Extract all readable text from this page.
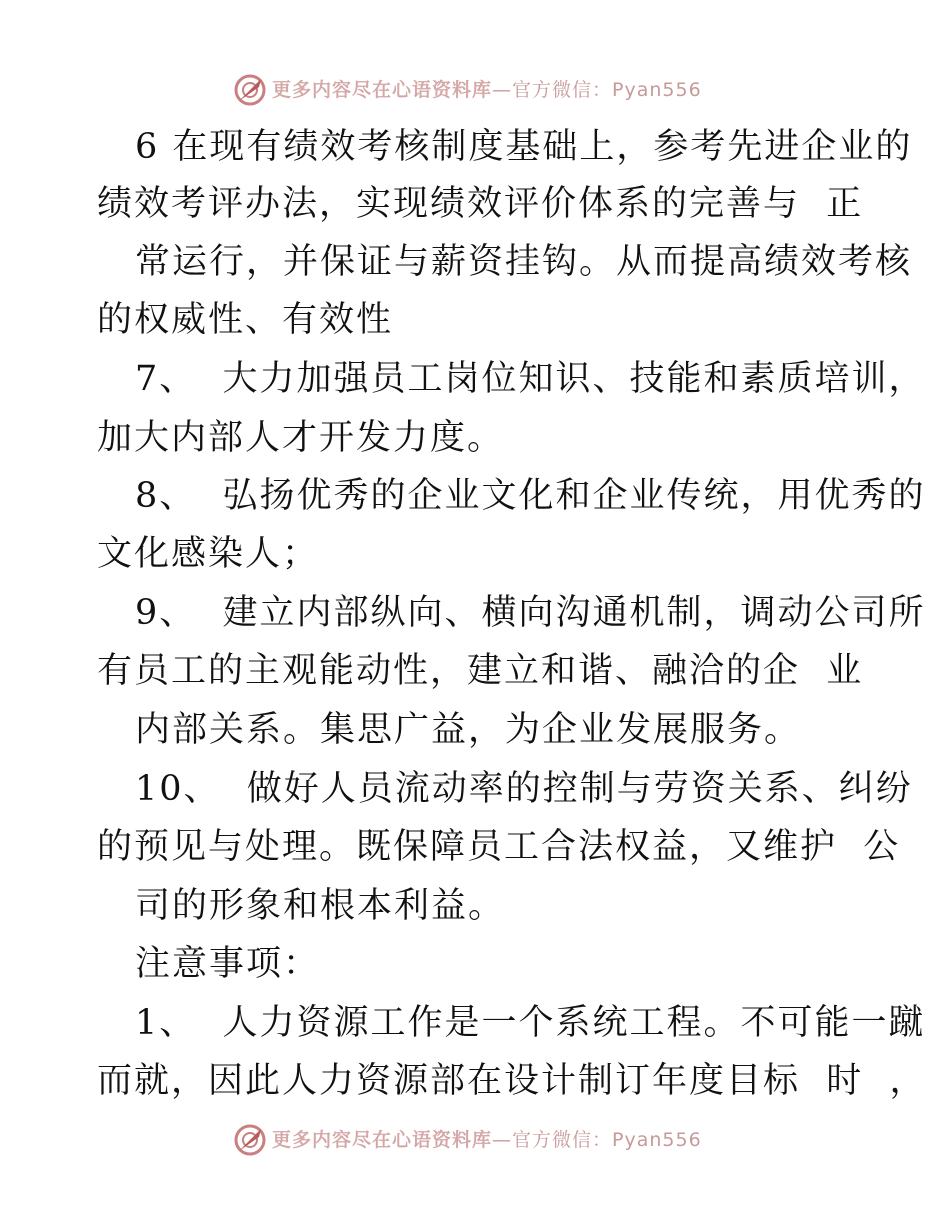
更多内容尽在心语资料库—官方微信：Pyan556

6 在现有绩效考核制度基础上，参考先进企业的

绩效考评办法，实现绩效评价体系的完善与  正

常运行，并保证与薪资挂钩。从而提高绩效考核

的权威性、有效性

7、  大力加强员工岗位知识、技能和素质培训，

加大内部人才开发力度。

8、  弘扬优秀的企业文化和企业传统，用优秀的

文化感染人；

9、  建立内部纵向、横向沟通机制，调动公司所

有员工的主观能动性，建立和谐、融洽的企  业

内部关系。集思广益，为企业发展服务。

10、  做好人员流动率的控制与劳资关系、纠纷

的预见与处理。既保障员工合法权益，又维护  公

司的形象和根本利益。

注意事项：

1、  人力资源工作是一个系统工程。不可能一蹴

而就，因此人力资源部在设计制订年度目标  时  ，

更多内容尽在心语资料库—官方微信：Pyan556
